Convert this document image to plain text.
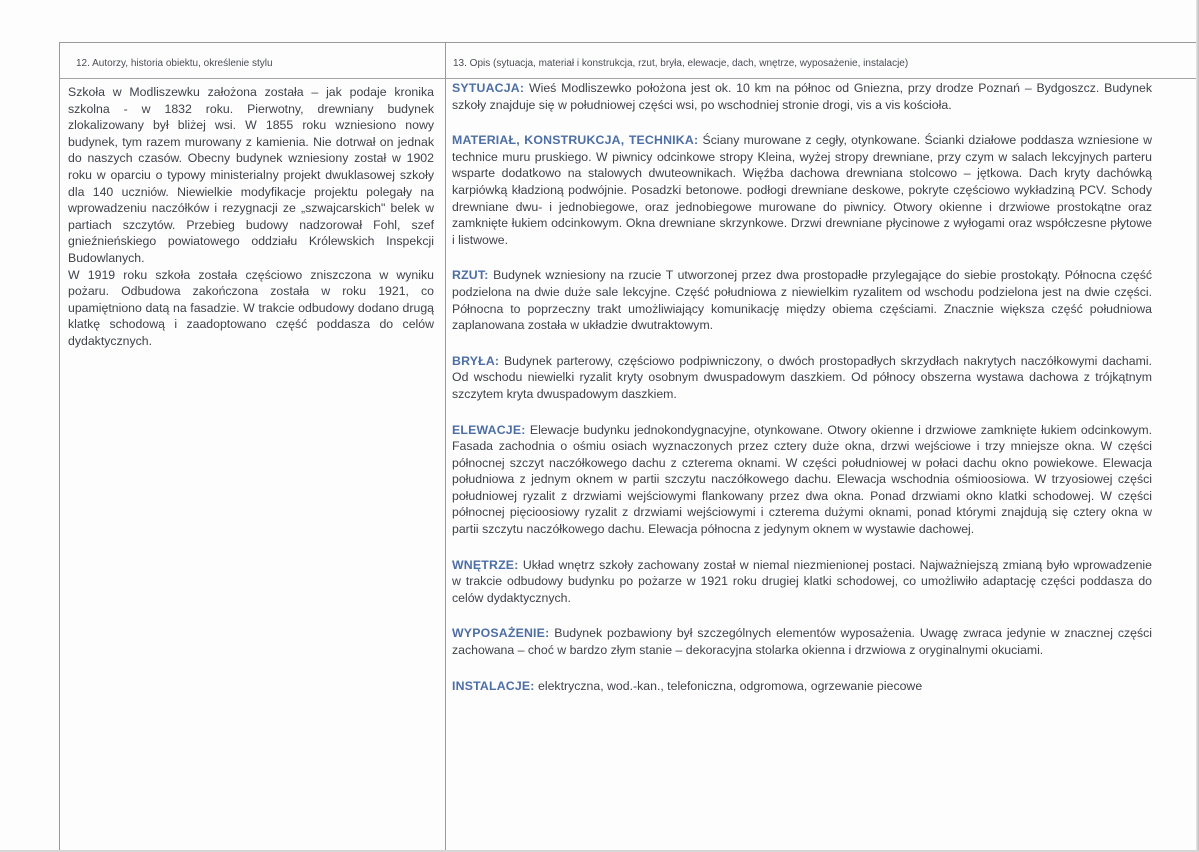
12. Autorzy, historia obiektu, określenie stylu	13. Opis (sytuacja, materiał i konstrukcja, rzut, bryła, elewacje, dach, wnętrze, wyposażenie, instalacje)

Szkoła w Modliszewku założona została – jak podaje kronika szkolna - w 1832 roku. Pierwotny, drewniany budynek zlokalizowany był bliżej wsi. W 1855 roku wzniesiono nowy budynek, tym razem murowany z kamienia. Nie dotrwał on jednak do naszych czasów. Obecny budynek wzniesiony został w 1902 roku w oparciu o typowy ministerialny projekt dwuklasowej szkoły dla 140 uczniów. Niewielkie modyfikacje projektu polegały na wprowadzeniu naczółków i rezygnacji ze „szwajcarskich" belek w partiach szczytów. Przebieg budowy nadzorował Fohl, szef gnieźnieńskiego powiatowego oddziału Królewskich Inspekcji Budowlanych.

W 1919 roku szkoła została częściowo zniszczona w wyniku pożaru. Odbudowa zakończona została w roku 1921, co upamiętniono datą na fasadzie. W trakcie odbudowy dodano drugą klatkę schodową i zaadoptowano część poddasza do celów dydaktycznych.

SYTUACJA: Wieś Modliszewko położona jest ok. 10 km na północ od Gniezna, przy drodze Poznań – Bydgoszcz. Budynek szkoły znajduje się w południowej części wsi, po wschodniej stronie drogi, vis a vis kościoła.

MATERIAŁ, KONSTRUKCJA, TECHNIKA: Ściany murowane z cegły, otynkowane. Ścianki działowe poddasza wzniesione w technice muru pruskiego. W piwnicy odcinkowe stropy Kleina, wyżej stropy drewniane, przy czym w salach lekcyjnych parteru wsparte dodatkowo na stalowych dwuteownikach. Więźba dachowa drewniana stolcowo – jętkowa. Dach kryty dachówką karpiówką kładzioną podwójnie. Posadzki betonowe. podłogi drewniane deskowe, pokryte częściowo wykładziną PCV. Schody drewniane dwu- i jednobiegowe, oraz jednobiegowe murowane do piwnicy. Otwory okienne i drzwiowe prostokątne oraz zamknięte łukiem odcinkowym. Okna drewniane skrzynkowe. Drzwi drewniane płycinowe z wyłogami oraz współczesne płytowe i listwowe.

RZUT: Budynek wzniesiony na rzucie T utworzonej przez dwa prostopadłe przylegające do siebie prostokąty. Północna część podzielona na dwie duże sale lekcyjne. Część południowa z niewielkim ryzalitem od wschodu podzielona jest na dwie części. Północna to poprzeczny trakt umożliwiający komunikację między obiema częściami. Znacznie większa część południowa zaplanowana została w układzie dwutraktowym.

BRYŁA: Budynek parterowy, częściowo podpiwniczony, o dwóch prostopadłych skrzydłach nakrytych naczółkowymi dachami. Od wschodu niewielki ryzalit kryty osobnym dwuspadowym daszkiem. Od północy obszerna wystawa dachowa z trójkątnym szczytem kryta dwuspadowym daszkiem.

ELEWACJE: Elewacje budynku jednokondygnacyjne, otynkowane. Otwory okienne i drzwiowe zamknięte łukiem odcinkowym. Fasada zachodnia o ośmiu osiach wyznaczonych przez cztery duże okna, drzwi wejściowe i trzy mniejsze okna. W części północnej szczyt naczółkowego dachu z czterema oknami. W części południowej w połaci dachu okno powiekowe. Elewacja południowa z jednym oknem w partii szczytu naczółkowego dachu. Elewacja wschodnia ośmioosiowa. W trzyosiowej części południowej ryzalit z drzwiami wejściowymi flankowany przez dwa okna. Ponad drzwiami okno klatki schodowej. W części północnej pięcioosiowy ryzalit z drzwiami wejściowymi i czterema dużymi oknami, ponad którymi znajdują się cztery okna w partii szczytu naczółkowego dachu. Elewacja północna z jedynym oknem w wystawie dachowej.

WNĘTRZE: Układ wnętrz szkoły zachowany został w niemal niezmienionej postaci. Najważniejszą zmianą było wprowadzenie w trakcie odbudowy budynku po pożarze w 1921 roku drugiej klatki schodowej, co umożliwiło adaptację części poddasza do celów dydaktycznych.

WYPOSAŻENIE: Budynek pozbawiony był szczególnych elementów wyposażenia. Uwagę zwraca jedynie w znacznej części zachowana – choć w bardzo złym stanie – dekoracyjna stolarka okienna i drzwiowa z oryginalnymi okuciami.

INSTALACJE: elektryczna, wod.-kan., telefoniczna, odgromowa, ogrzewanie piecowe
